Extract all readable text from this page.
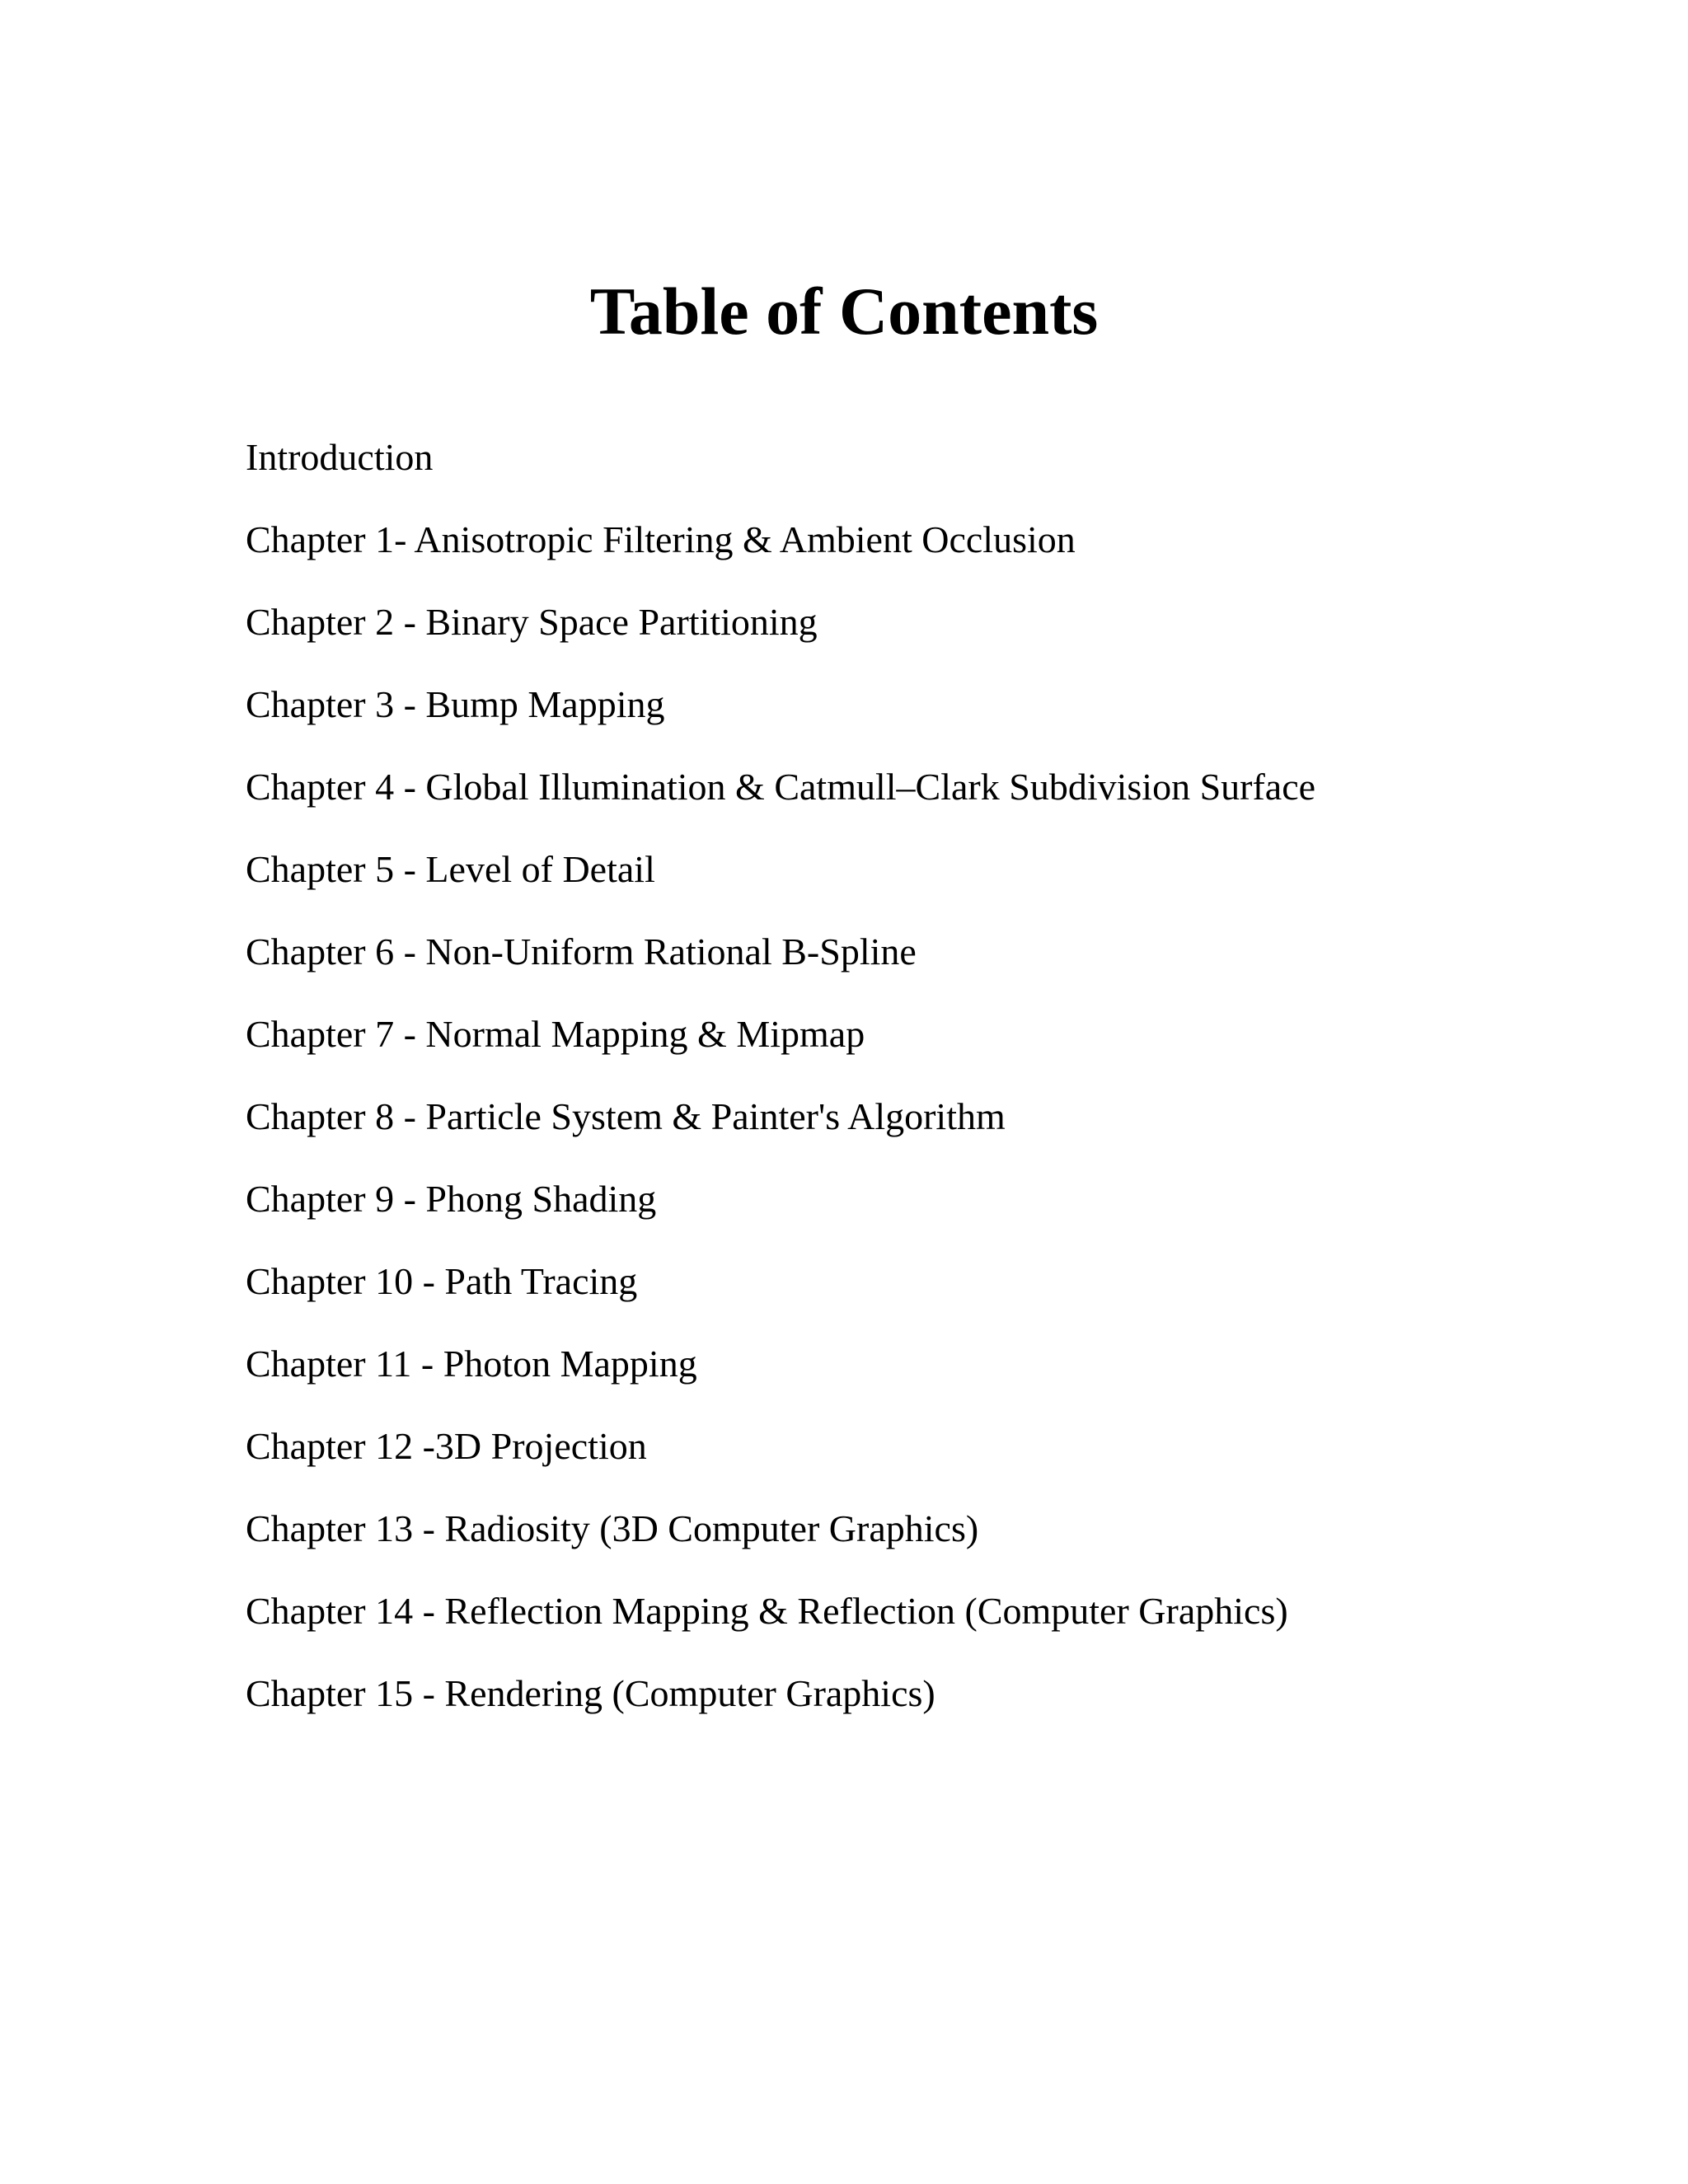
Table of Contents
Introduction
Chapter 1- Anisotropic Filtering & Ambient Occlusion
Chapter 2 - Binary Space Partitioning
Chapter 3 - Bump Mapping
Chapter 4 - Global Illumination & Catmull–Clark Subdivision Surface
Chapter 5 - Level of Detail
Chapter 6 - Non-Uniform Rational B-Spline
Chapter 7 - Normal Mapping & Mipmap
Chapter 8 - Particle System & Painter's Algorithm
Chapter 9 - Phong Shading
Chapter 10 - Path Tracing
Chapter 11 - Photon Mapping
Chapter 12 -3D Projection
Chapter 13 - Radiosity (3D Computer Graphics)
Chapter 14 - Reflection Mapping & Reflection (Computer Graphics)
Chapter 15 - Rendering (Computer Graphics)
